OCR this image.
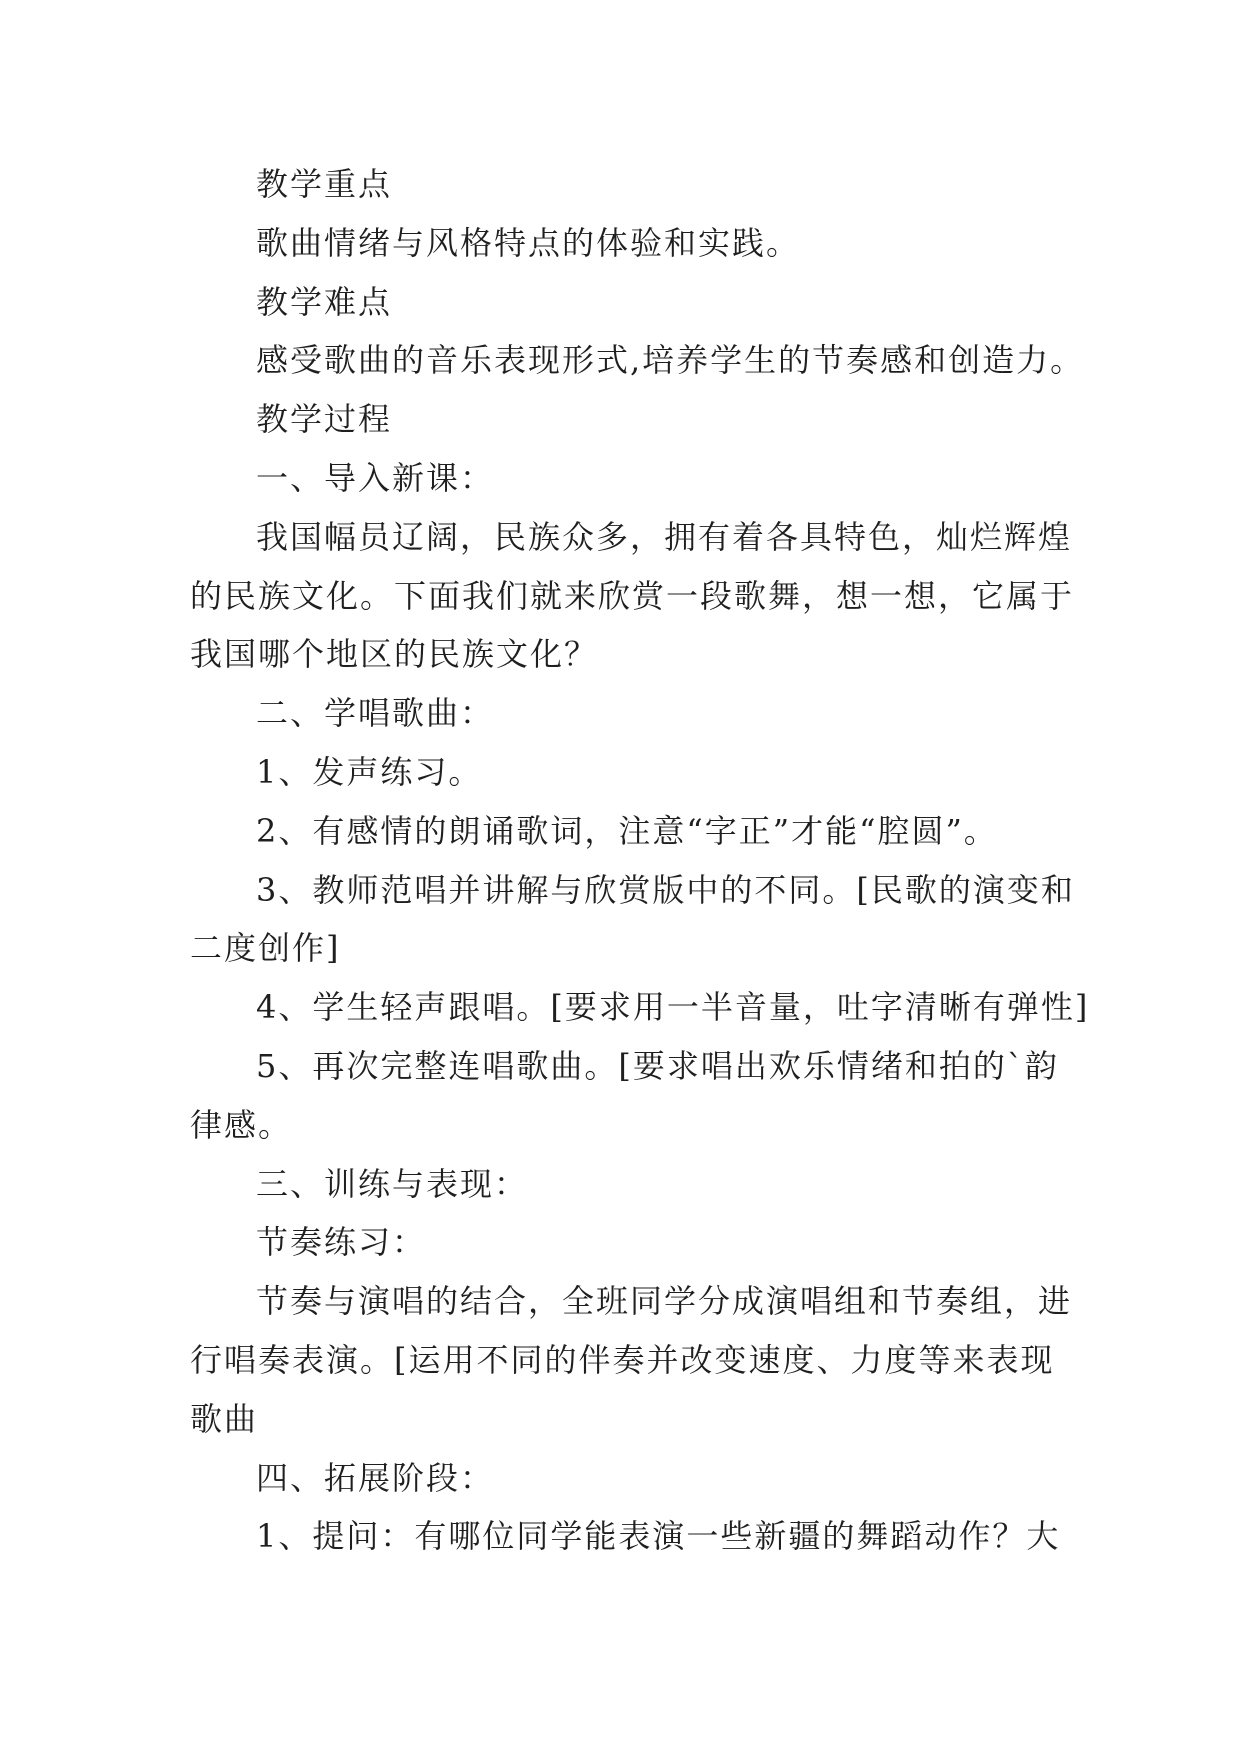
教学重点
歌曲情绪与风格特点的体验和实践。
教学难点
感受歌曲的音乐表现形式,培养学生的节奏感和创造力。
教学过程
一、导入新课：
我国幅员辽阔，民族众多，拥有着各具特色，灿烂辉煌
的民族文化。下面我们就来欣赏一段歌舞，想一想，它属于
我国哪个地区的民族文化？
二、学唱歌曲：
1、发声练习。
2、有感情的朗诵歌词，注意“字正”才能“腔圆”。
3、教师范唱并讲解与欣赏版中的不同。[民歌的演变和
二度创作]
4、学生轻声跟唱。[要求用一半音量，吐字清晰有弹性]
5、再次完整连唱歌曲。[要求唱出欢乐情绪和拍的`韵
律感。
三、训练与表现：
节奏练习：
节奏与演唱的结合，全班同学分成演唱组和节奏组，进
行唱奏表演。[运用不同的伴奏并改变速度、力度等来表现
歌曲
四、拓展阶段：
1、提问：有哪位同学能表演一些新疆的舞蹈动作？大
